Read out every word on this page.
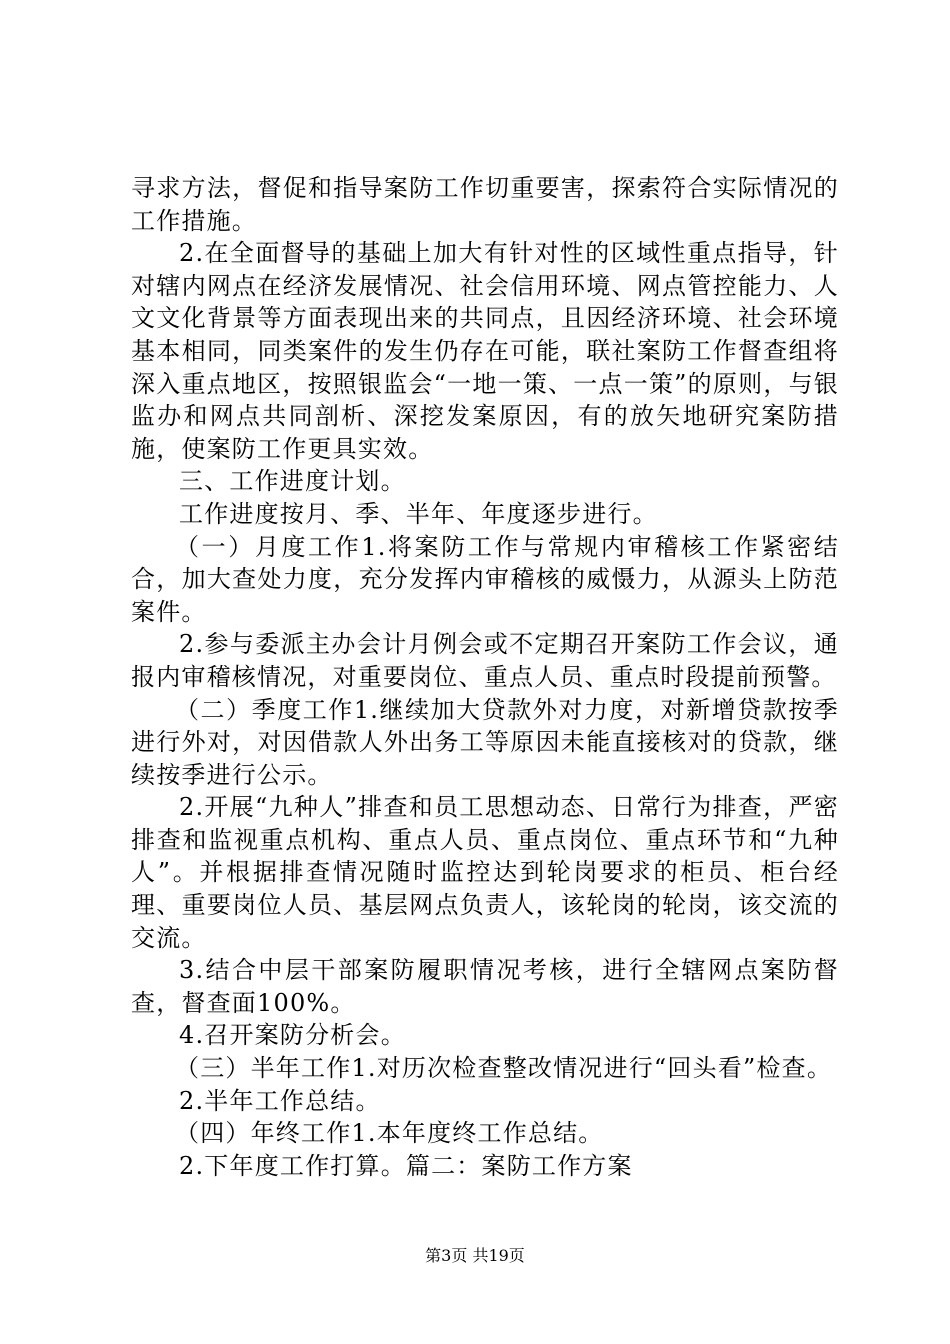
寻求方法，督促和指导案防工作切重要害，探索符合实际情况的工作措施。

2.在全面督导的基础上加大有针对性的区域性重点指导，针对辖内网点在经济发展情况、社会信用环境、网点管控能力、人文文化背景等方面表现出来的共同点，且因经济环境、社会环境基本相同，同类案件的发生仍存在可能，联社案防工作督查组将深入重点地区，按照银监会“一地一策、一点一策”的原则，与银监办和网点共同剖析、深挖发案原因，有的放矢地研究案防措施，使案防工作更具实效。

三、工作进度计划。

工作进度按月、季、半年、年度逐步进行。

（一）月度工作1.将案防工作与常规内审稽核工作紧密结合，加大查处力度，充分发挥内审稽核的威慑力，从源头上防范案件。

2.参与委派主办会计月例会或不定期召开案防工作会议，通报内审稽核情况，对重要岗位、重点人员、重点时段提前预警。

（二）季度工作1.继续加大贷款外对力度，对新增贷款按季进行外对，对因借款人外出务工等原因未能直接核对的贷款，继续按季进行公示。

2.开展“九种人”排查和员工思想动态、日常行为排查，严密排查和监视重点机构、重点人员、重点岗位、重点环节和“九种人”。并根据排查情况随时监控达到轮岗要求的柜员、柜台经理、重要岗位人员、基层网点负责人，该轮岗的轮岗，该交流的交流。

3.结合中层干部案防履职情况考核，进行全辖网点案防督查，督查面100%。

4.召开案防分析会。

（三）半年工作1.对历次检查整改情况进行“回头看”检查。

2.半年工作总结。

（四）年终工作1.本年度终工作总结。

2.下年度工作打算。篇二：案防工作方案

第3页 共19页
